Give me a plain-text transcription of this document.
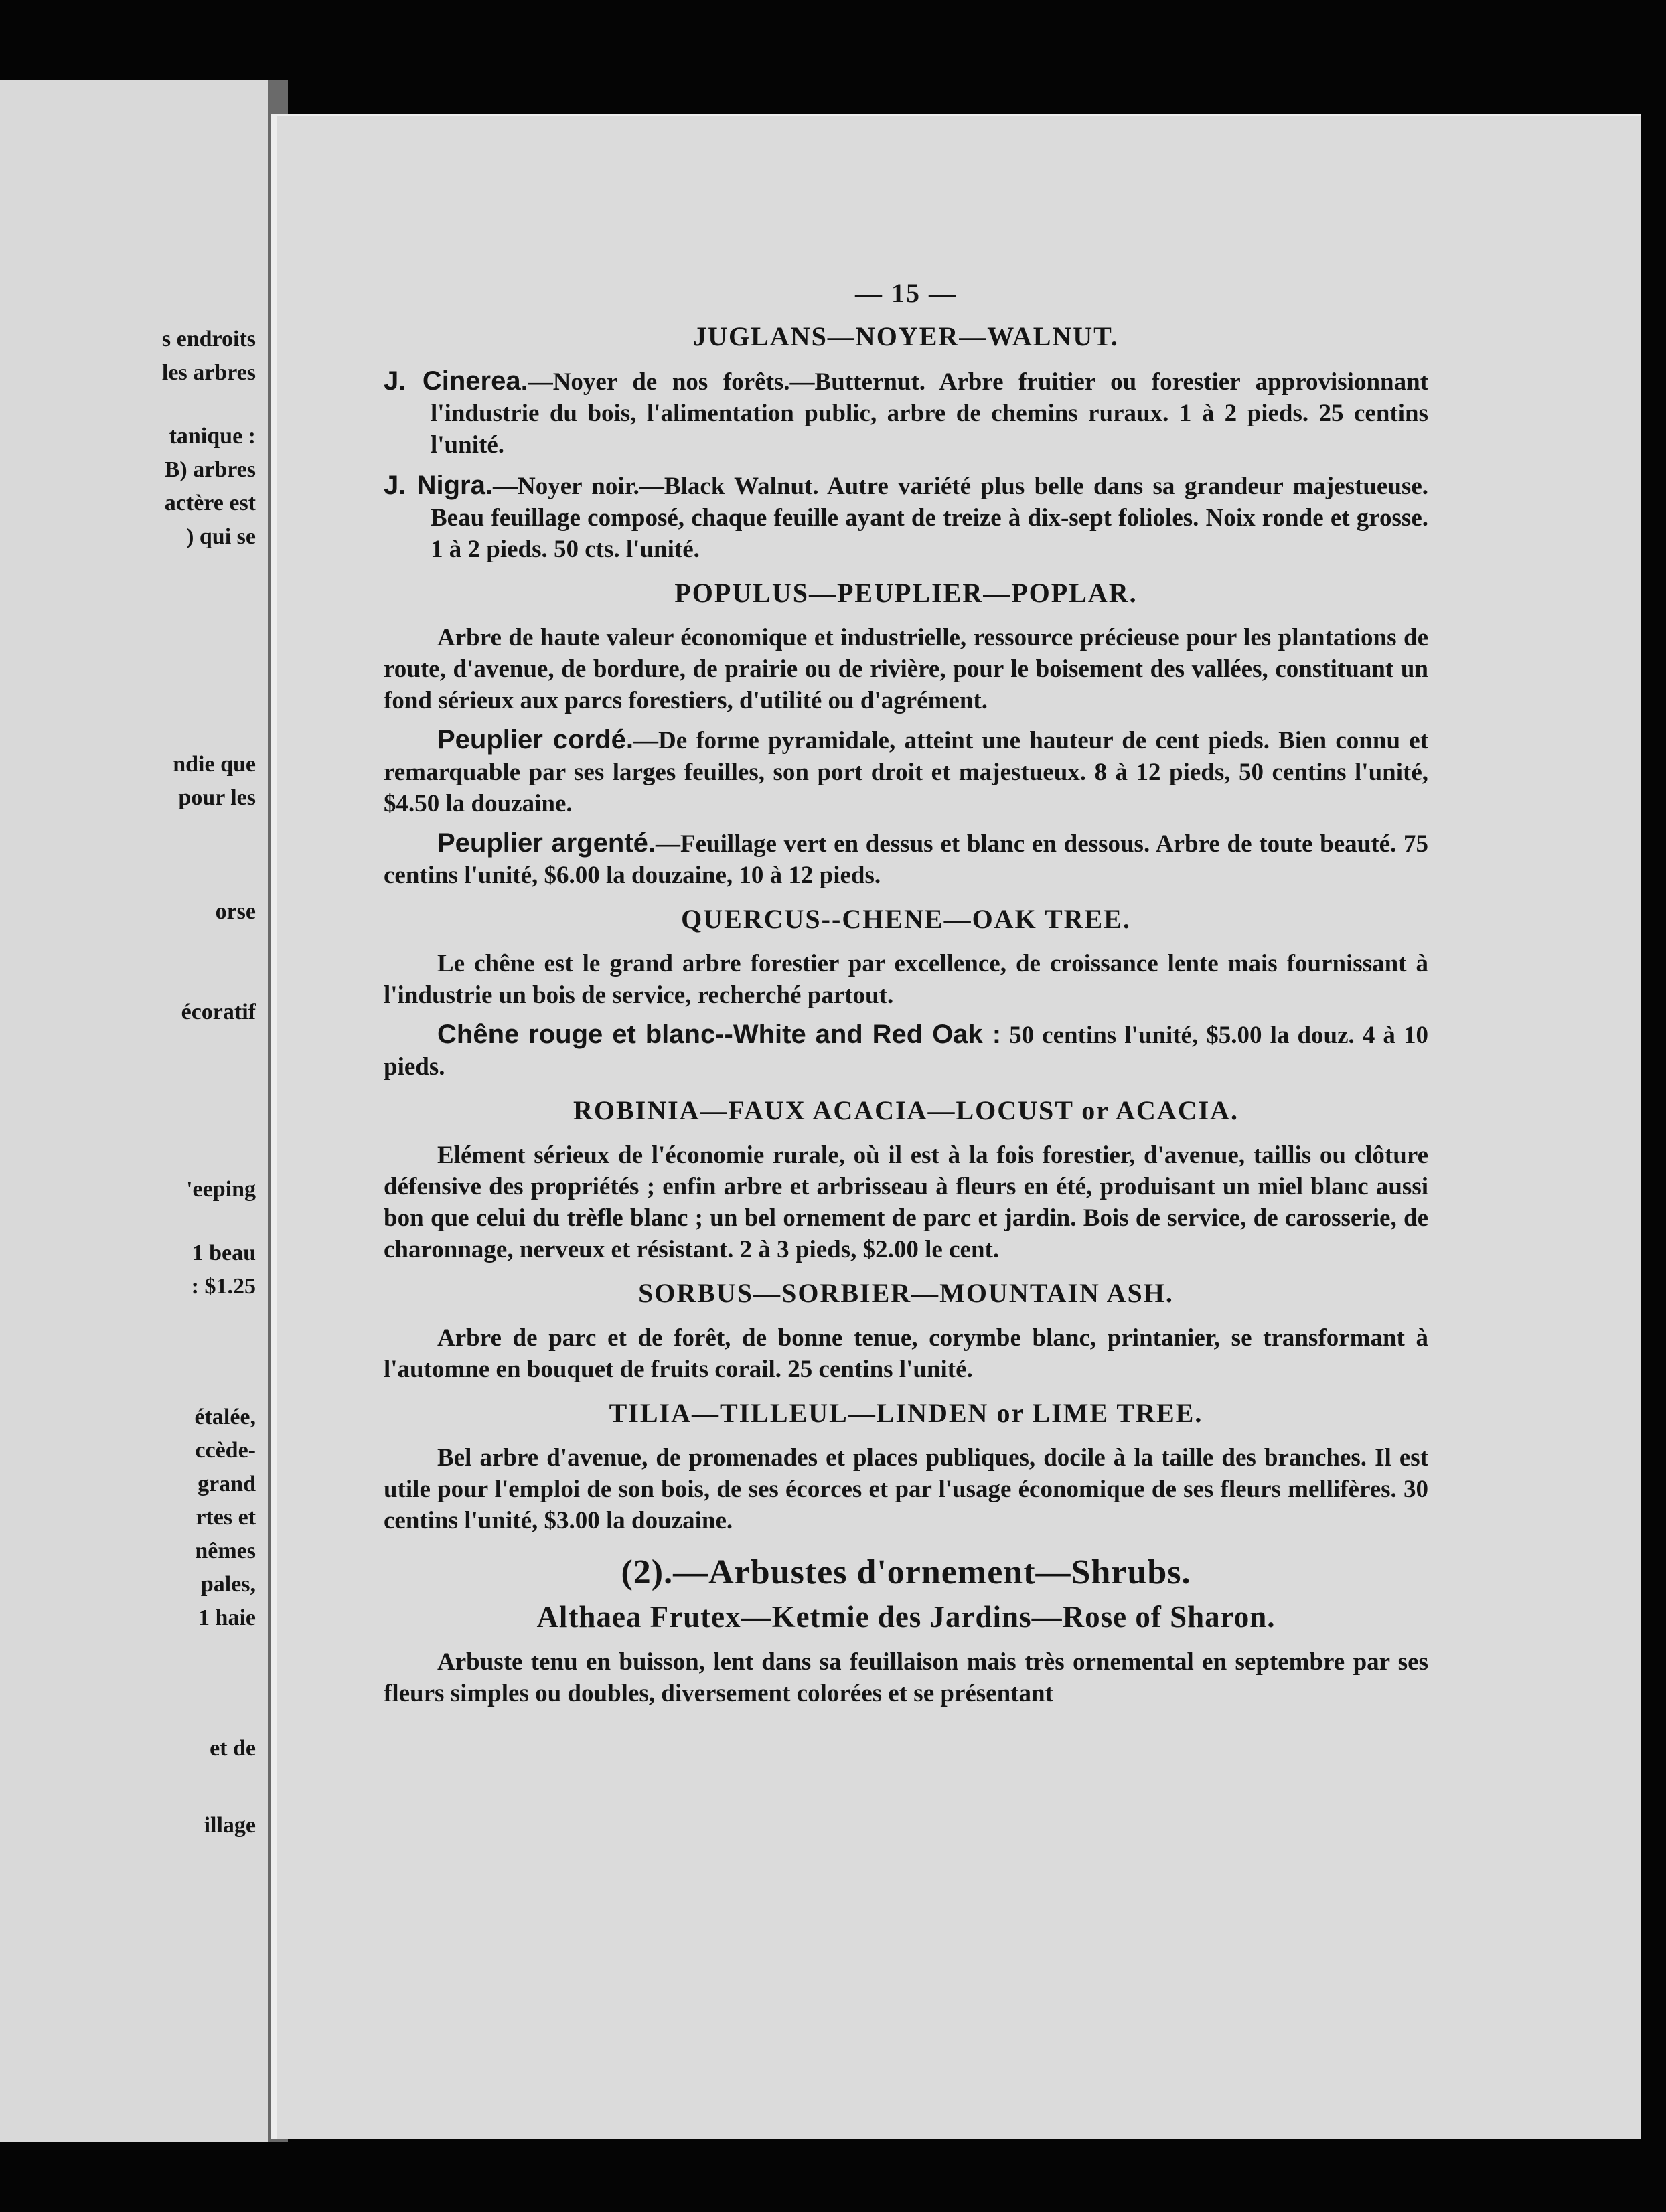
s endroits
les arbres
tanique :
B) arbres
actère est
) qui se
ndie que
pour les
orse
écoratif
'eeping
1 beau
: $1.25
étalée,
ccède-
grand
rtes et
nêmes
pales,
1 haie
et de
illage
— 15 —
JUGLANS—NOYER—WALNUT.
J. Cinerea.—Noyer de nos forêts.—Butternut. Arbre fruitier ou forestier approvisionnant l'industrie du bois, l'alimentation public, arbre de chemins ruraux. 1 à 2 pieds. 25 centins l'unité.
J. Nigra.—Noyer noir.—Black Walnut. Autre variété plus belle dans sa grandeur majestueuse. Beau feuillage composé, chaque feuille ayant de treize à dix-sept folioles. Noix ronde et grosse. 1 à 2 pieds. 50 cts. l'unité.
POPULUS—PEUPLIER—POPLAR.
Arbre de haute valeur économique et industrielle, ressource précieuse pour les plantations de route, d'avenue, de bordure, de prairie ou de rivière, pour le boisement des vallées, constituant un fond sérieux aux parcs forestiers, d'utilité ou d'agrément.
Peuplier cordé.—De forme pyramidale, atteint une hauteur de cent pieds. Bien connu et remarquable par ses larges feuilles, son port droit et majestueux. 8 à 12 pieds, 50 centins l'unité, $4.50 la douzaine.
Peuplier argenté.—Feuillage vert en dessus et blanc en dessous. Arbre de toute beauté. 75 centins l'unité, $6.00 la douzaine, 10 à 12 pieds.
QUERCUS--CHENE—OAK TREE.
Le chêne est le grand arbre forestier par excellence, de croissance lente mais fournissant à l'industrie un bois de service, recherché partout.
Chêne rouge et blanc--White and Red Oak : 50 centins l'unité, $5.00 la douz. 4 à 10 pieds.
ROBINIA—FAUX ACACIA—LOCUST or ACACIA.
Elément sérieux de l'économie rurale, où il est à la fois forestier, d'avenue, taillis ou clôture défensive des propriétés ; enfin arbre et arbrisseau à fleurs en été, produisant un miel blanc aussi bon que celui du trèfle blanc ; un bel ornement de parc et jardin. Bois de service, de carosserie, de charonnage, nerveux et résistant. 2 à 3 pieds, $2.00 le cent.
SORBUS—SORBIER—MOUNTAIN ASH.
Arbre de parc et de forêt, de bonne tenue, corymbe blanc, printanier, se transformant à l'automne en bouquet de fruits corail. 25 centins l'unité.
TILIA—TILLEUL—LINDEN or LIME TREE.
Bel arbre d'avenue, de promenades et places publiques, docile à la taille des branches. Il est utile pour l'emploi de son bois, de ses écorces et par l'usage économique de ses fleurs mellifères. 30 centins l'unité, $3.00 la douzaine.
(2).—Arbustes d'ornement—Shrubs.
Althaea Frutex—Ketmie des Jardins—Rose of Sharon.
Arbuste tenu en buisson, lent dans sa feuillaison mais très ornemental en septembre par ses fleurs simples ou doubles, diversement colorées et se présentant
